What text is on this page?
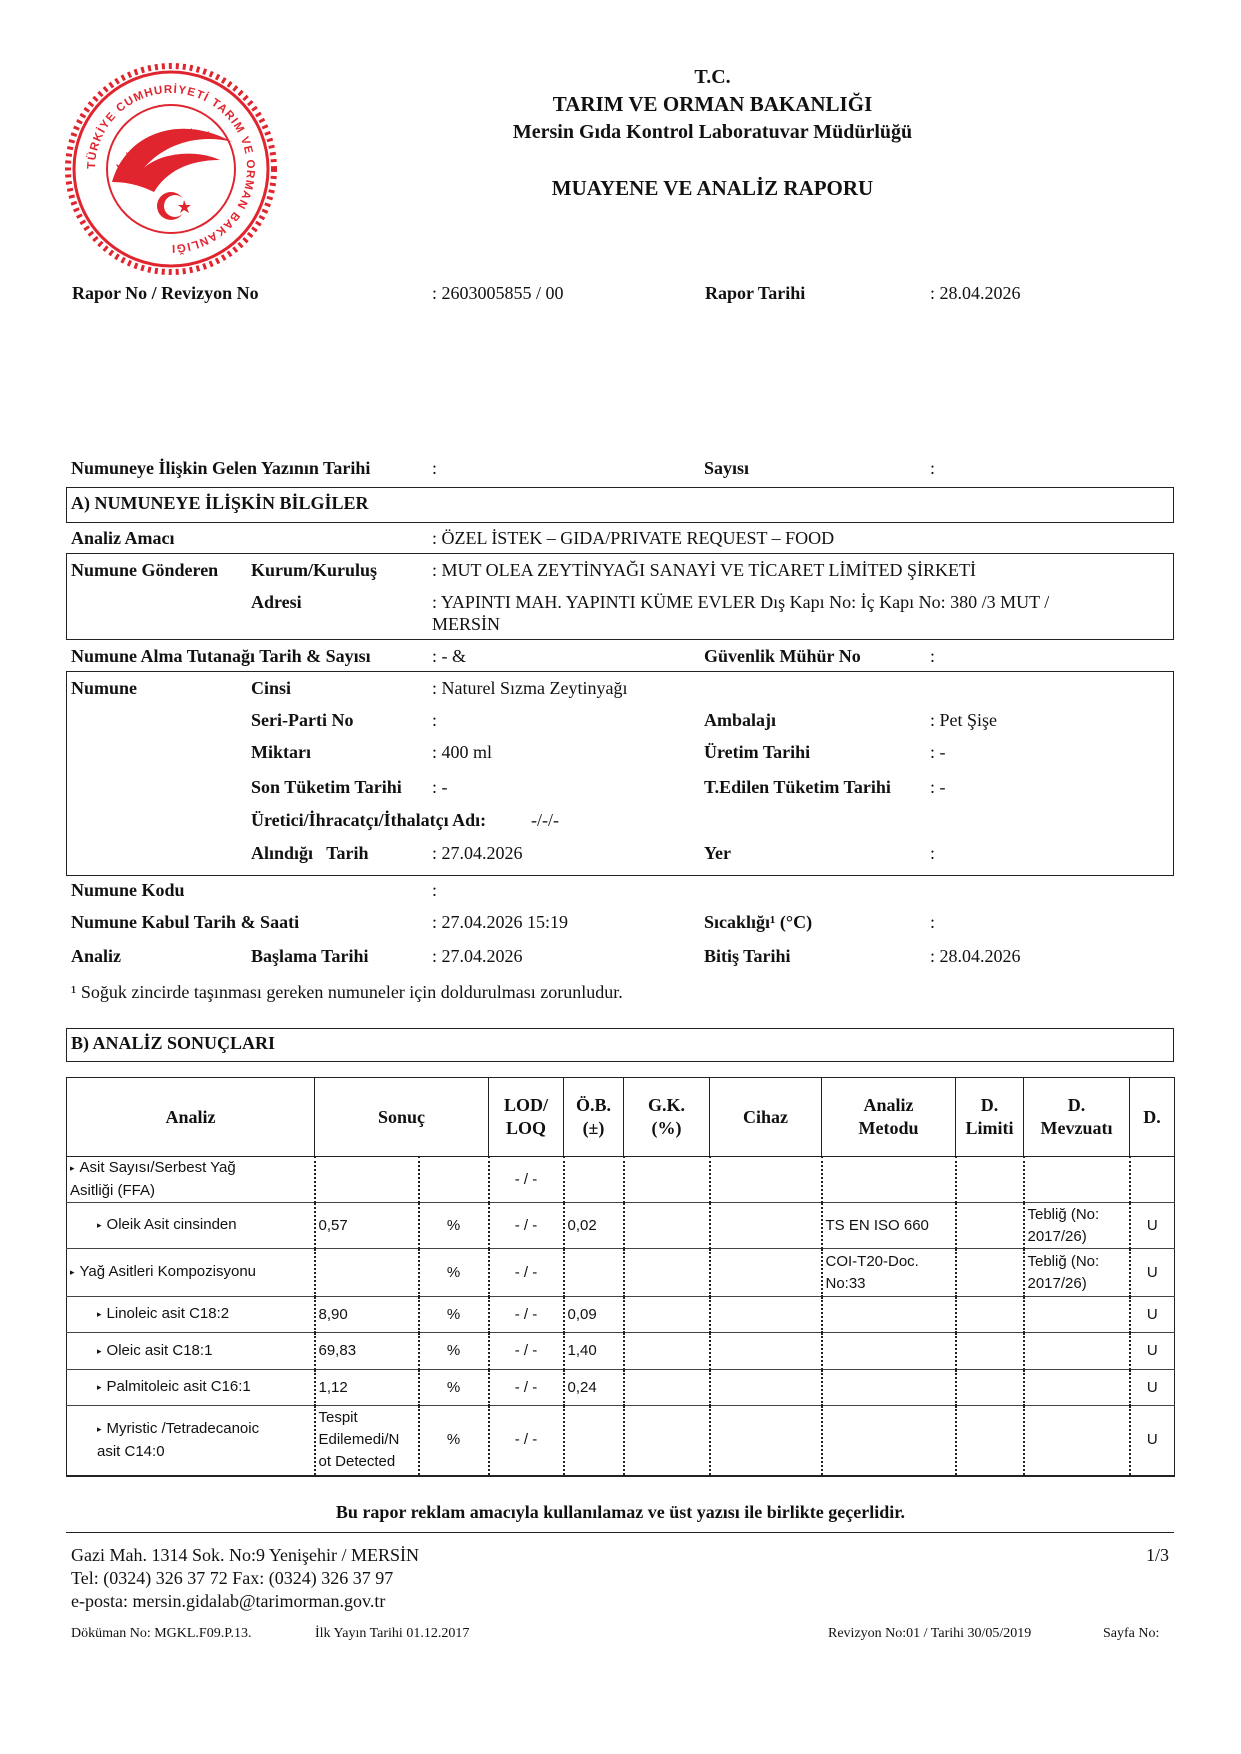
TÜRKİYE CUMHURİYETİ TARIM VE ORMAN BAKANLIĞI
T.C.
TARIM VE ORMAN BAKANLIĞI
Mersin Gıda Kontrol Laboratuvar Müdürlüğü
MUAYENE VE ANALİZ RAPORU
Rapor No / Revizyon No	: 2603005855 / 00	Rapor Tarihi	: 28.04.2026
Numuneye İlişkin Gelen Yazının Tarihi	:	Sayısı	:
A) NUMUNEYE İLİŞKİN BİLGİLER
Analiz Amacı	: ÖZEL İSTEK – GIDA/PRIVATE REQUEST – FOOD
Numune Gönderen Kurum/Kuruluş	: MUT OLEA ZEYTİNYAĞI SANAYİ VE TİCARET LİMİTED ŞİRKETİ
Adresi	: YAPINTI MAH. YAPINTI KÜME EVLER Dış Kapı No: İç Kapı No: 380 /3 MUT /
MERSİN
Numune Alma Tutanağı Tarih & Sayısı	: - &	Güvenlik Mühür No	:
Numune	Cinsi	: Naturel Sızma Zeytinyağı
Seri-Parti No	:	Ambalajı	: Pet Şişe
Miktarı	: 400 ml	Üretim Tarihi	: -
Son Tüketim Tarihi : -	T.Edilen Tüketim Tarihi : -
Üretici/İhracatçı/İthalatçı Adı: -/-/-
Alındığı   Tarih	: 27.04.2026	Yer	:
Numune Kodu	:
Numune Kabul Tarih & Saati	: 27.04.2026 15:19	Sıcaklığı¹ (°C)	:
Analiz	Başlama Tarihi	: 27.04.2026	Bitiş Tarihi	: 28.04.2026
¹ Soğuk zincirde taşınması gereken numuneler için doldurulması zorunludur.
B) ANALİZ SONUÇLARI
Analiz	Sonuç		LOD/
LOQ	Ö.B.
(±)	G.K.
(%)	Cihaz	Analiz
Metodu	D.
Limiti	D.
Mevzuatı	D.
▸ Asit Sayısı/Serbest Yağ
Asitliği (FFA)			- / -							
▸ Oleik Asit cinsinden	0,57	%	- / -	0,02			TS EN ISO 660		Tebliğ (No:
2017/26)	U
▸ Yağ Asitleri Kompozisyonu		%	- / -				COI-T20-Doc.
No:33		Tebliğ (No:
2017/26)	U
▸ Linoleic asit C18:2	8,90	%	- / -	0,09						U
▸ Oleic asit C18:1	69,83	%	- / -	1,40						U
▸ Palmitoleic asit C16:1	1,12	%	- / -	0,24						U
▸ Myristic /Tetradecanoic
asit C14:0	Tespit
Edilemedi/N
ot Detected	%	- / -							U
Bu rapor reklam amacıyla kullanılamaz ve üst yazısı ile birlikte geçerlidir.
Gazi Mah. 1314 Sok. No:9 Yenişehir / MERSİN
Tel: (0324) 326 37 72 Fax: (0324) 326 37 97
e-posta: mersin.gidalab@tarimorman.gov.tr
1/3
Döküman No: MGKL.F09.P.13.	İlk Yayın Tarihi 01.12.2017	Revizyon No:01 / Tarihi 30/05/2019	Sayfa No:
